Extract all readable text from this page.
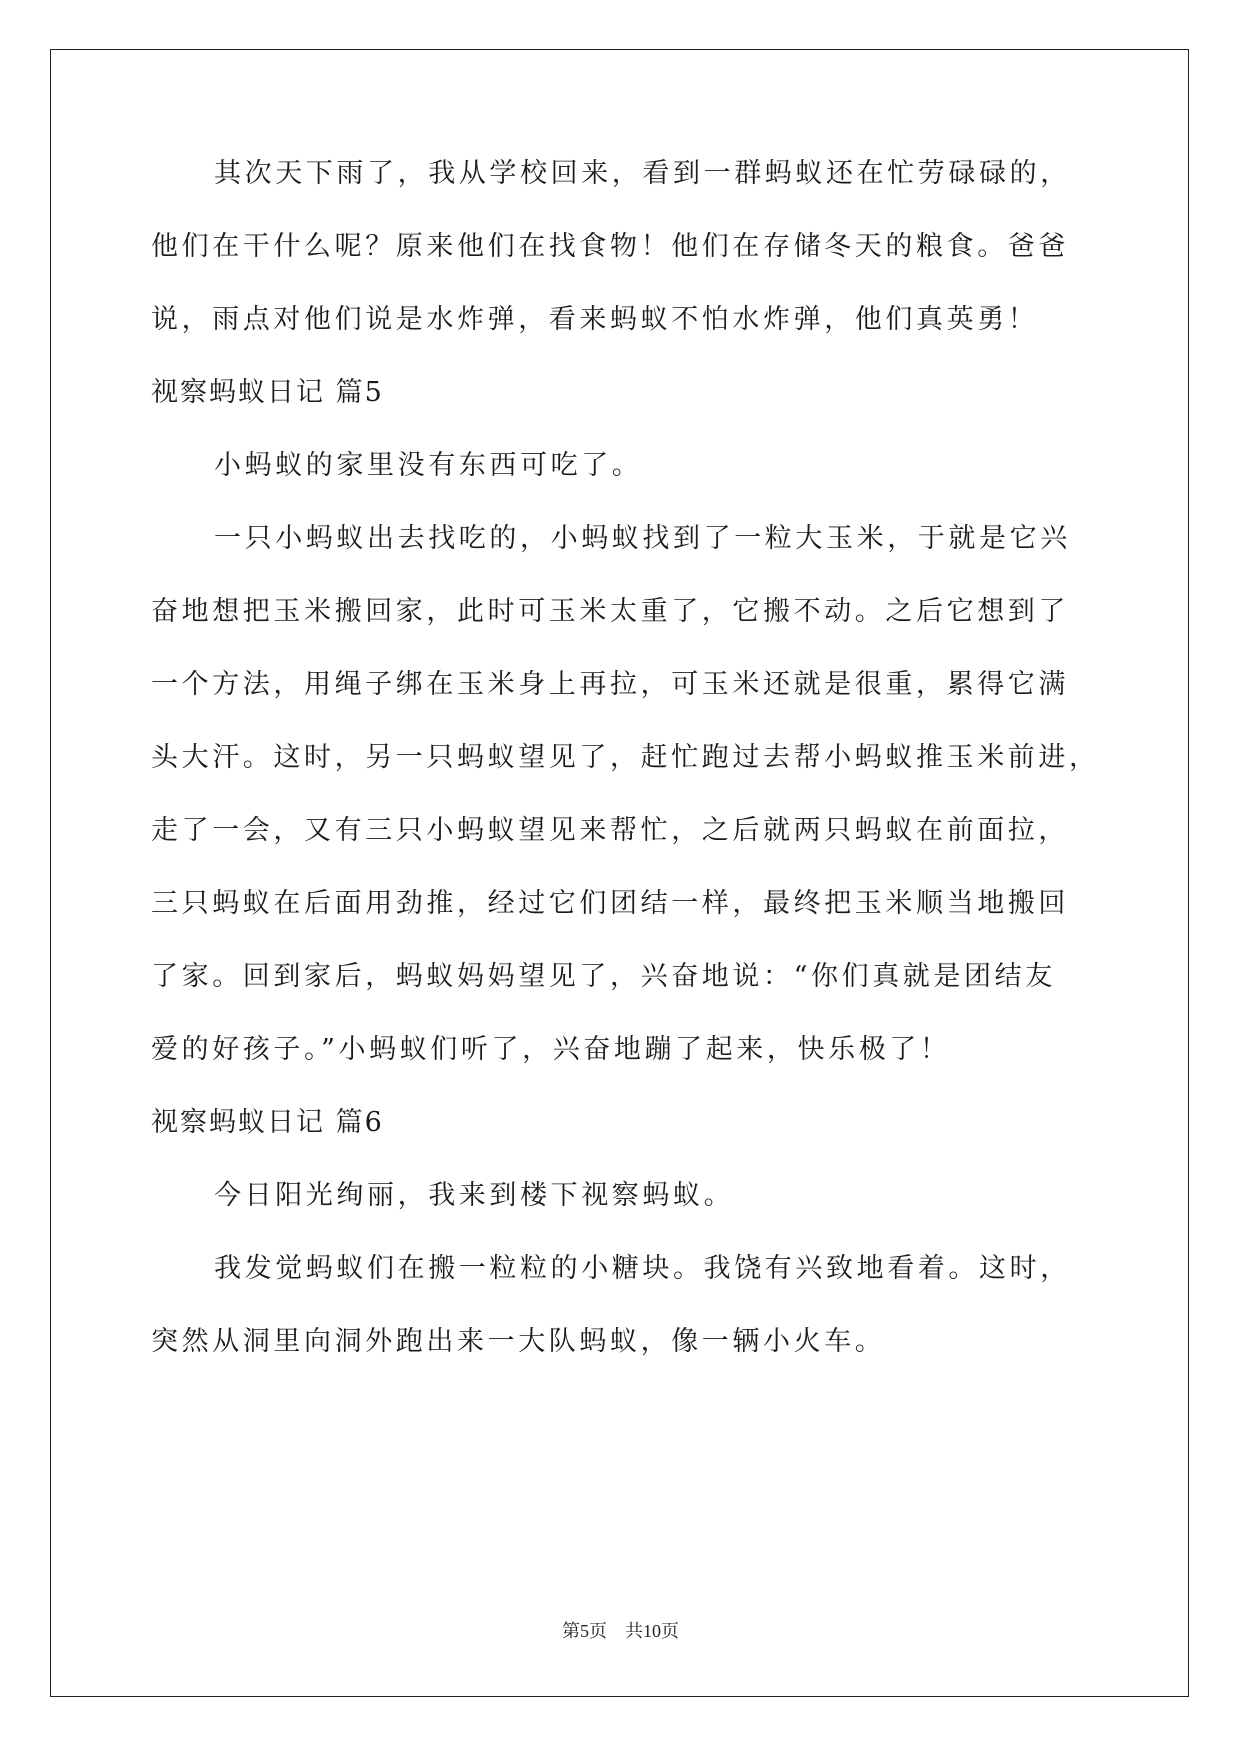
其次天下雨了，我从学校回来，看到一群蚂蚁还在忙劳碌碌的，
他们在干什么呢？原来他们在找食物！他们在存储冬天的粮食。爸爸
说，雨点对他们说是水炸弹，看来蚂蚁不怕水炸弹，他们真英勇！
视察蚂蚁日记 篇5
小蚂蚁的家里没有东西可吃了。
一只小蚂蚁出去找吃的，小蚂蚁找到了一粒大玉米，于就是它兴
奋地想把玉米搬回家，此时可玉米太重了，它搬不动。之后它想到了
一个方法，用绳子绑在玉米身上再拉，可玉米还就是很重，累得它满
头大汗。这时，另一只蚂蚁望见了，赶忙跑过去帮小蚂蚁推玉米前进，
走了一会，又有三只小蚂蚁望见来帮忙，之后就两只蚂蚁在前面拉，
三只蚂蚁在后面用劲推，经过它们团结一样，最终把玉米顺当地搬回
了家。回到家后，蚂蚁妈妈望见了，兴奋地说：“你们真就是团结友
爱的好孩子。”小蚂蚁们听了，兴奋地蹦了起来，快乐极了！
视察蚂蚁日记 篇6
今日阳光绚丽，我来到楼下视察蚂蚁。
我发觉蚂蚁们在搬一粒粒的小糖块。我饶有兴致地看着。这时，
突然从洞里向洞外跑出来一大队蚂蚁，像一辆小火车。
第5页　共10页
